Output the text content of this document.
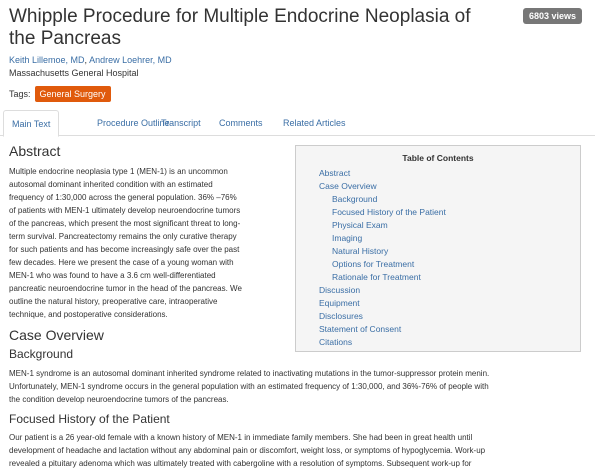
Whipple Procedure for Multiple Endocrine Neoplasia of the Pancreas
6803 views
Keith Lillemoe, MD, Andrew Loehrer, MD
Massachusetts General Hospital
Tags:	General Surgery
Main Text	Procedure Outline
Transcript	Comments	Related Articles
Abstract
Multiple endocrine neoplasia type 1 (MEN-1) is an uncommon
autosomal dominant inherited condition with an estimated
frequency of 1:30,000 across the general population. 36% –76%
of patients with MEN-1 ultimately develop neuroendocrine tumors
of the pancreas, which present the most significant threat to long-
term survival. Pancreatectomy remains the only curative therapy
for such patients and has become increasingly safe over the past
few decades. Here we present the case of a young woman with
MEN-1 who was found to have a 3.6 cm well-differentiated
pancreatic neuroendocrine tumor in the head of the pancreas. We
outline the natural history, preoperative care, intraoperative
technique, and postoperative considerations.
Table of Contents
Abstract
Case Overview
Background
Focused History of the Patient
Physical Exam
Imaging
Natural History
Options for Treatment
Rationale for Treatment
Discussion
Equipment
Disclosures
Statement of Consent
Citations
Case Overview
Background
MEN-1 syndrome is an autosomal dominant inherited syndrome related to inactivating mutations in the tumor-suppressor protein menin.
Unfortunately, MEN-1 syndrome occurs in the general population with an estimated frequency of 1:30,000, and 36%-76% of people with
the condition develop neuroendocrine tumors of the pancreas.
Focused History of the Patient
Our patient is a 26 year-old female with a known history of MEN-1 in immediate family members. She had been in great health until
development of headache and lactation without any abdominal pain or discomfort, weight loss, or symptoms of hypoglycemia. Work-up
revealed a pituitary adenoma which was ultimately treated with cabergoline with a resolution of symptoms. Subsequent work-up for
